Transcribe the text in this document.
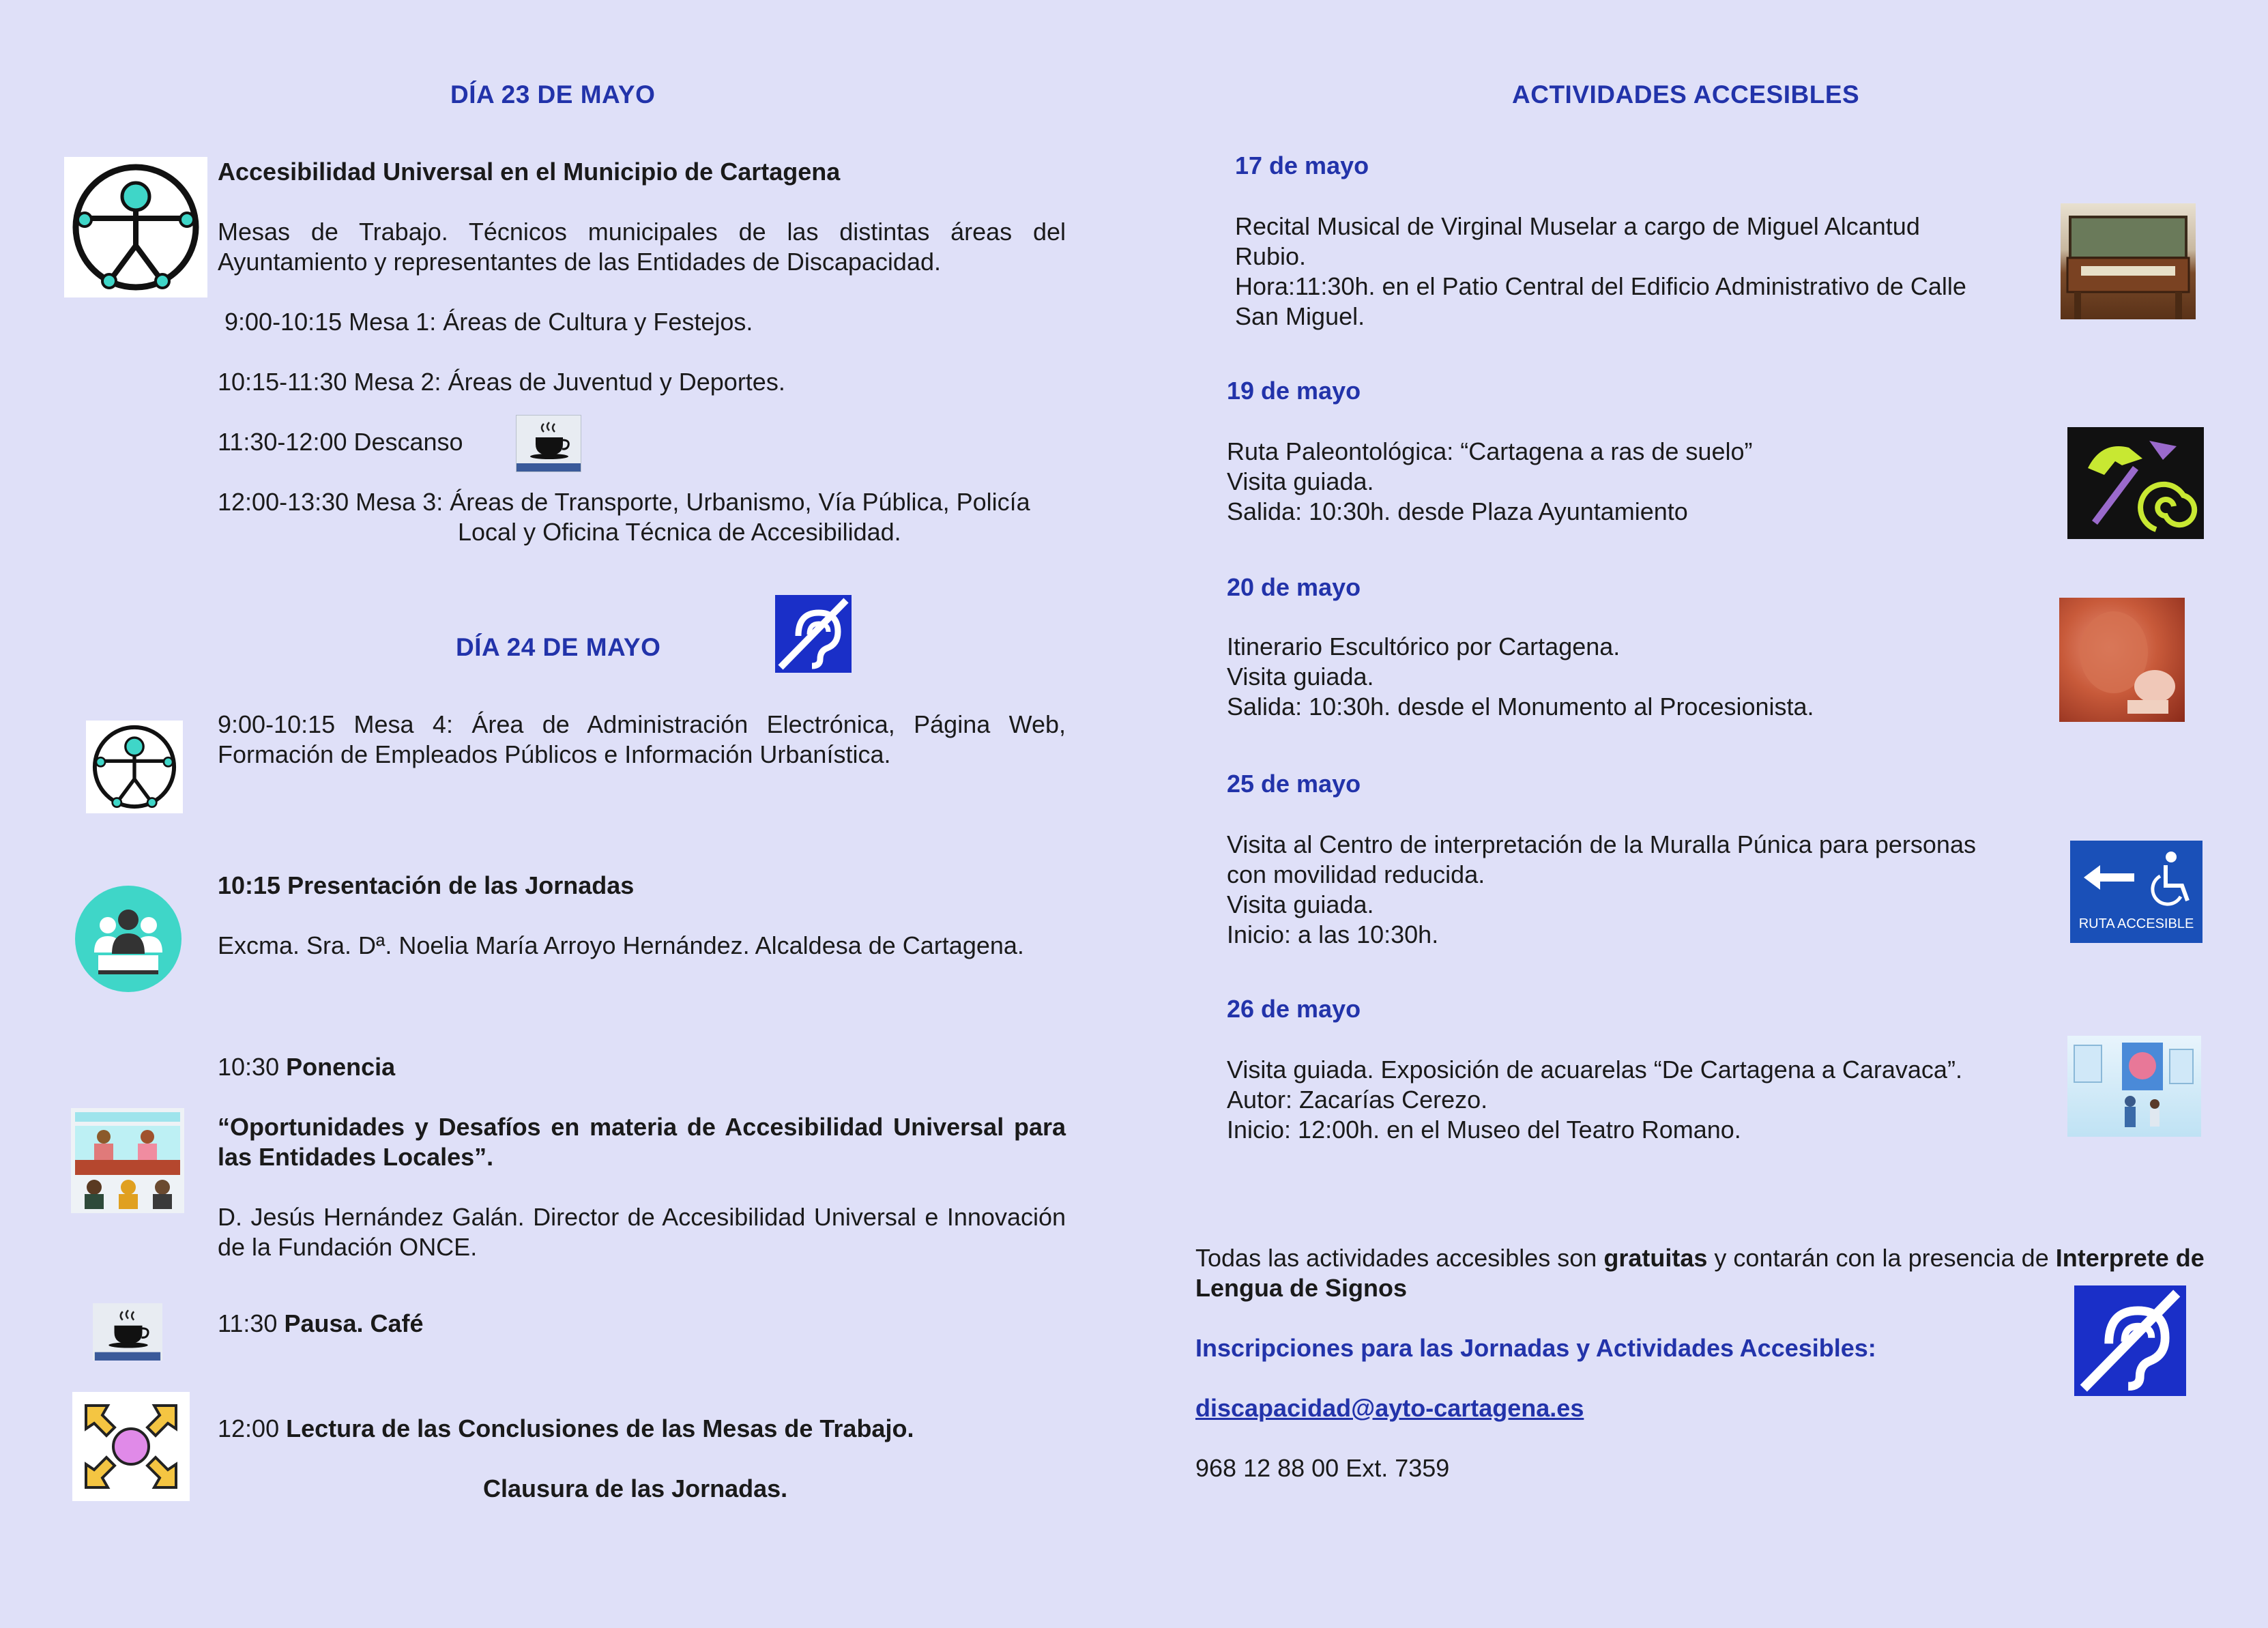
DÍA 23 DE MAYO
Accesibilidad Universal en el Municipio de Cartagena
Mesas de Trabajo. Técnicos municipales de las distintas áreas del Ayuntamiento y representantes de las Entidades de Discapacidad.
9:00-10:15 Mesa 1: Áreas de Cultura y Festejos.
10:15-11:30 Mesa 2: Áreas de Juventud y Deportes.
11:30-12:00 Descanso
12:00-13:30 Mesa 3: Áreas de Transporte, Urbanismo, Vía Pública, Policía
Local y Oficina Técnica de Accesibilidad.
DÍA 24 DE MAYO
9:00-10:15 Mesa 4: Área de Administración Electrónica, Página Web, Formación de Empleados Públicos e Información Urbanística.
10:15 Presentación de las Jornadas
Excma. Sra. Dª. Noelia María Arroyo Hernández. Alcaldesa de Cartagena.
10:30 Ponencia
“Oportunidades y Desafíos en materia de Accesibilidad Universal para las Entidades Locales”.
D. Jesús Hernández Galán. Director de Accesibilidad Universal e Innovación de la Fundación ONCE.
11:30 Pausa. Café
12:00 Lectura de las Conclusiones de las Mesas de Trabajo.
Clausura de las Jornadas.
ACTIVIDADES ACCESIBLES
17 de mayo
Recital Musical de Virginal Muselar a cargo de Miguel Alcantud
Rubio.
Hora:11:30h. en el Patio Central del Edificio Administrativo de Calle
San Miguel.
19 de mayo
Ruta Paleontológica: “Cartagena a ras de suelo”
Visita guiada.
Salida: 10:30h. desde Plaza Ayuntamiento
20 de mayo
Itinerario Escultórico por Cartagena.
Visita guiada.
Salida: 10:30h. desde el Monumento al Procesionista.
25 de mayo
Visita al Centro de interpretación de la Muralla Púnica para personas
con movilidad reducida.
Visita guiada.
Inicio: a las 10:30h.	RUTA ACCESIBLE
26 de mayo
Visita guiada. Exposición de acuarelas “De Cartagena a Caravaca”.
Autor: Zacarías Cerezo.
Inicio: 12:00h. en el Museo del Teatro Romano.
Todas las actividades accesibles son gratuitas y contarán con la presencia de Interprete de Lengua de Signos
Inscripciones para las Jornadas y Actividades Accesibles:
discapacidad@ayto-cartagena.es
968 12 88 00 Ext. 7359
